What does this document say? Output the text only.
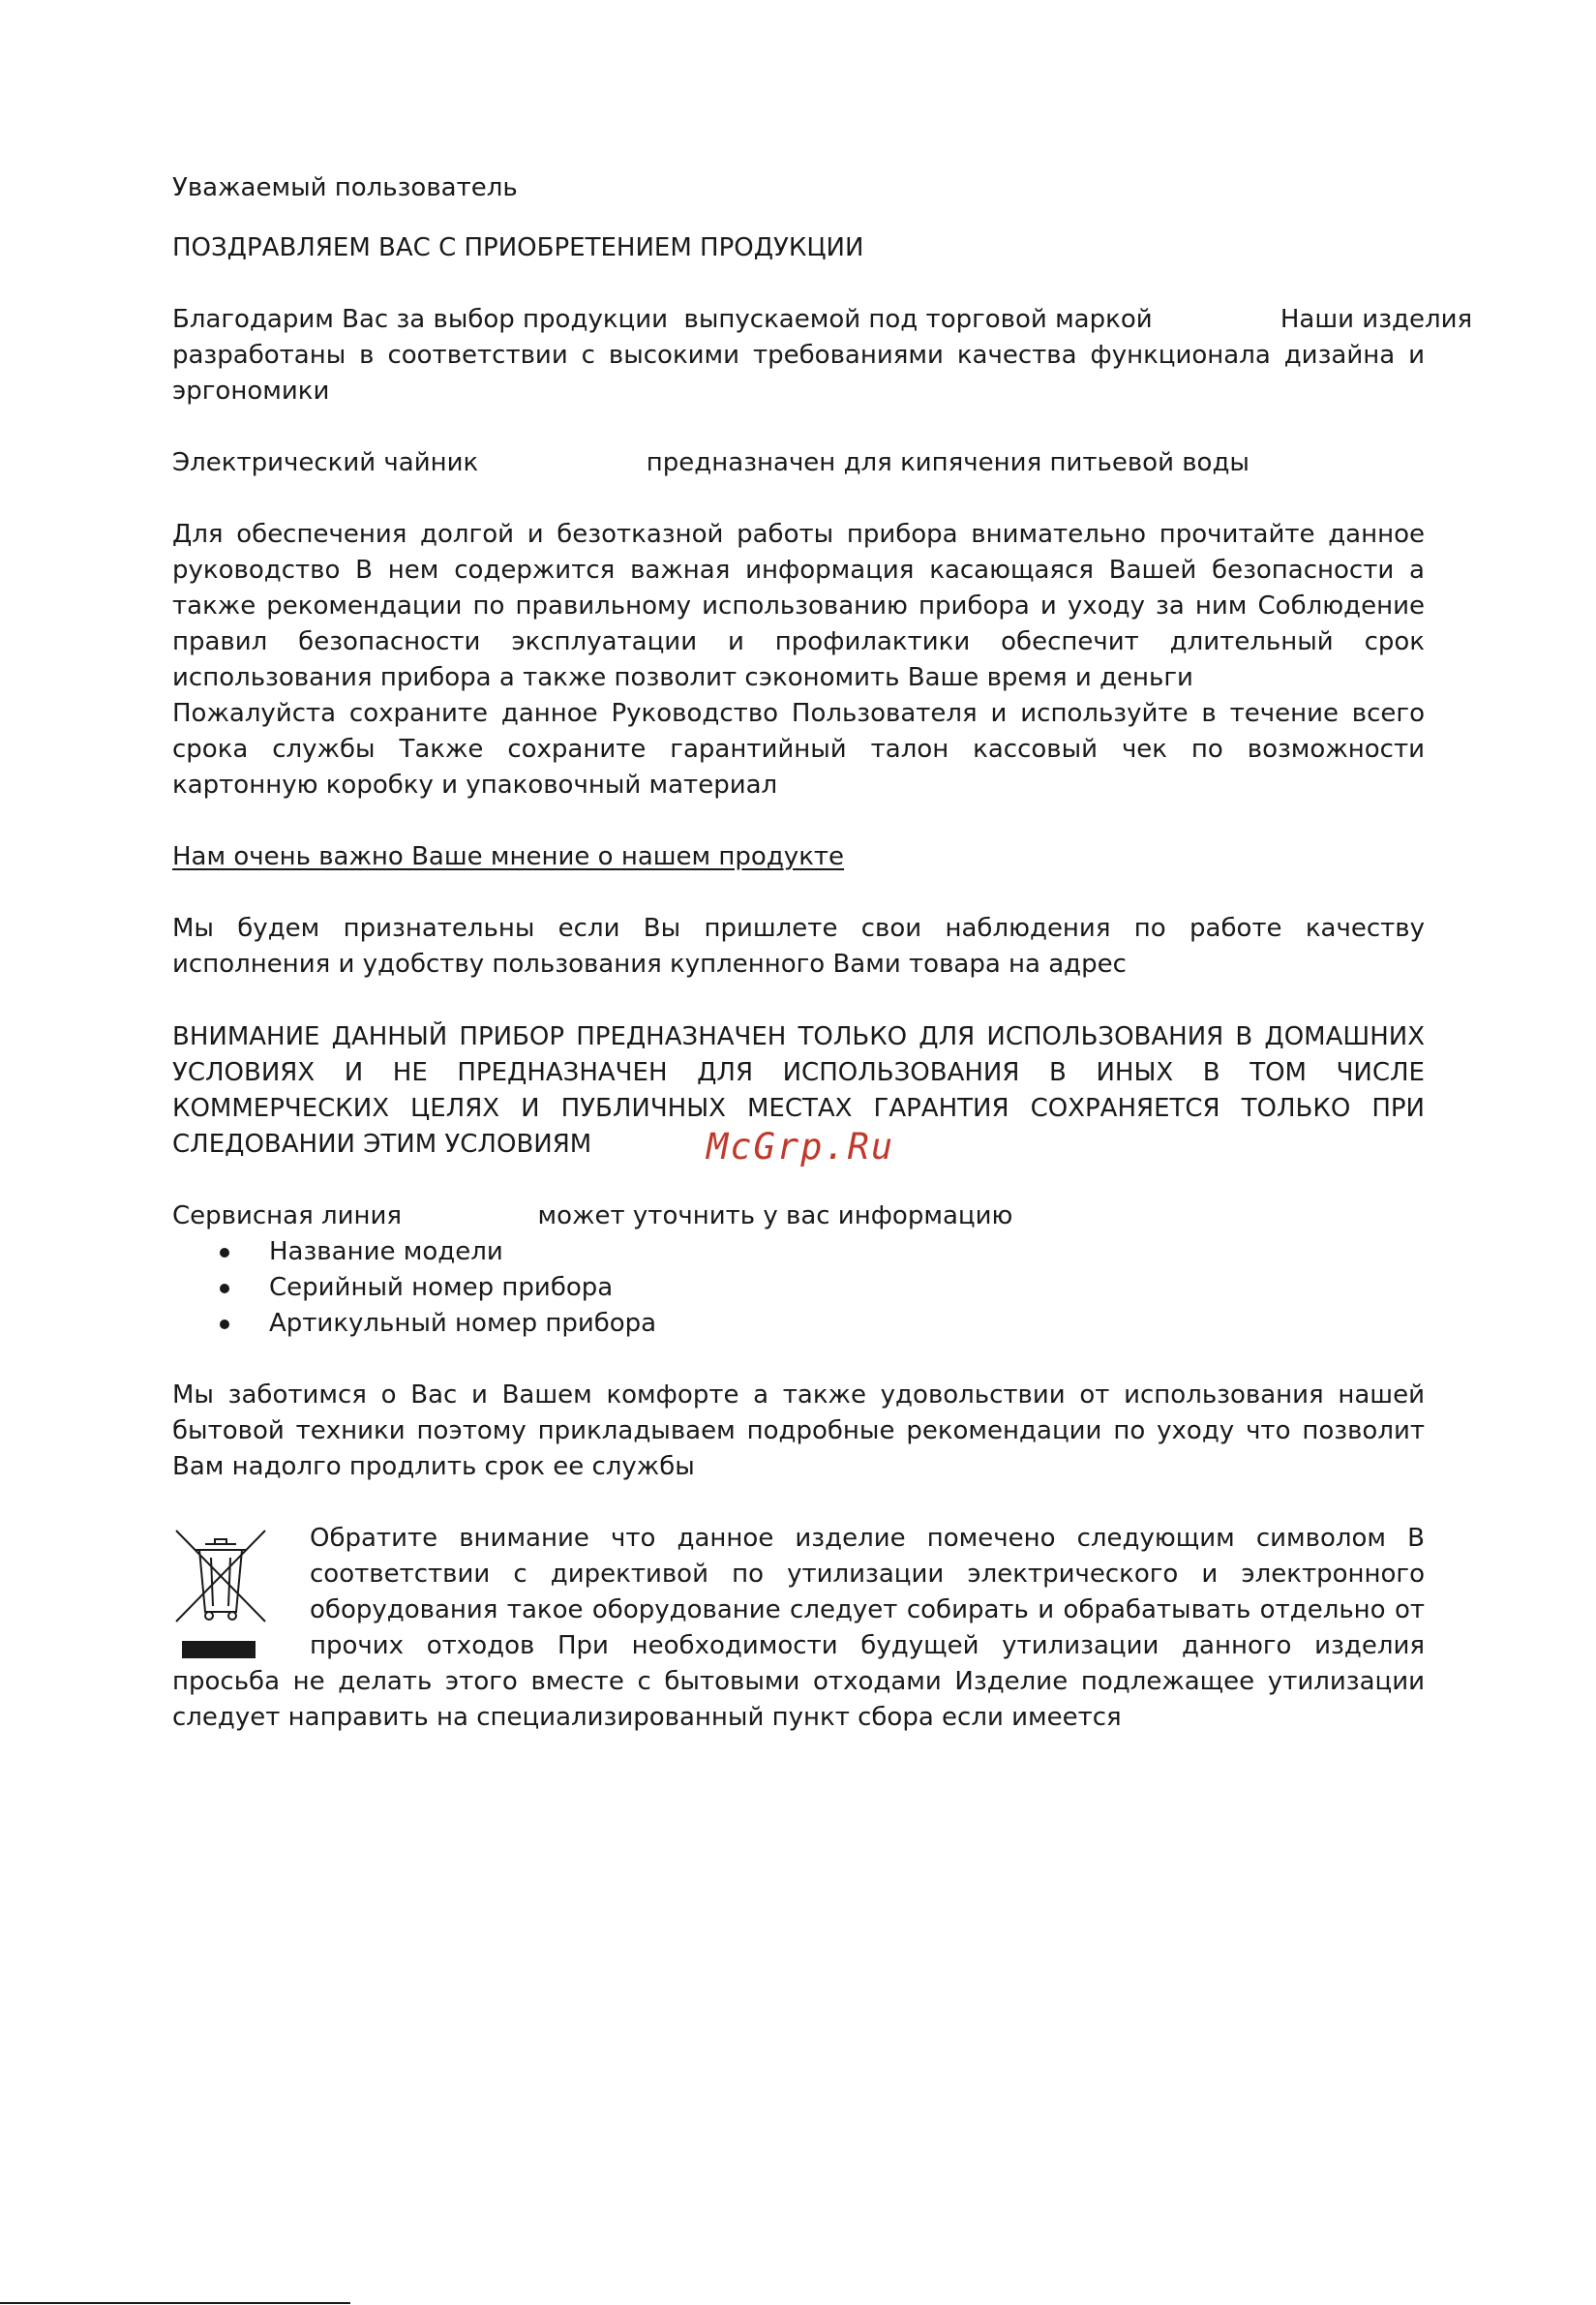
Уважаемый пользователь

ПОЗДРАВЛЯЕМ ВАС С ПРИОБРЕТЕНИЕМ ПРОДУКЦИИ

Благодарим Вас за выбор продукции  выпускаемой под торговой маркой                Наши изделия

разработаны в соответствии с высокими требованиями качества функционала дизайна и эргономики

Электрический чайник                     предназначен для кипячения питьевой воды

Для обеспечения долгой и безотказной работы прибора внимательно прочитайте данное руководство В нем содержится важная информация касающаяся Вашей безопасности а также рекомендации по правильному использованию прибора и уходу за ним Соблюдение правил безопасности эксплуатации и профилактики обеспечит длительный срок использования прибора а также позволит сэкономить Ваше время и деньги

Пожалуйста сохраните данное Руководство Пользователя и используйте в течение всего срока службы Также сохраните гарантийный талон кассовый чек по возможности картонную коробку и упаковочный материал

Нам очень важно Ваше мнение о нашем продукте

Мы будем признательны если Вы пришлете свои наблюдения по работе качеству исполнения и удобству пользования купленного Вами товара на адрес

ВНИМАНИЕ ДАННЫЙ ПРИБОР ПРЕДНАЗНАЧЕН ТОЛЬКО ДЛЯ ИСПОЛЬЗОВАНИЯ В ДОМАШНИХ УСЛОВИЯХ И НЕ ПРЕДНАЗНАЧЕН ДЛЯ ИСПОЛЬЗОВАНИЯ В ИНЫХ В ТОМ ЧИСЛЕ КОММЕРЧЕСКИХ ЦЕЛЯХ И ПУБЛИЧНЫХ МЕСТАХ ГАРАНТИЯ СОХРАНЯЕТСЯ ТОЛЬКО ПРИ СЛЕДОВАНИИ ЭТИМ УСЛОВИЯМ

Сервисная линия                 может уточнить у вас информацию

Название модели
Серийный номер прибора
Артикульный номер прибора

Мы заботимся о Вас и Вашем комфорте а также удовольствии от использования нашей бытовой техники поэтому прикладываем подробные рекомендации по уходу что позволит Вам надолго продлить срок ее службы

Обратите внимание что данное изделие помечено следующим символом В соответствии с директивой по утилизации электрического и электронного оборудования такое оборудование следует собирать и обрабатывать отдельно от прочих отходов При необходимости будущей утилизации данного изделия просьба не делать этого вместе с бытовыми отходами Изделие подлежащее утилизации следует направить на специализированный пункт сбора если имеется

McGrp.Ru
